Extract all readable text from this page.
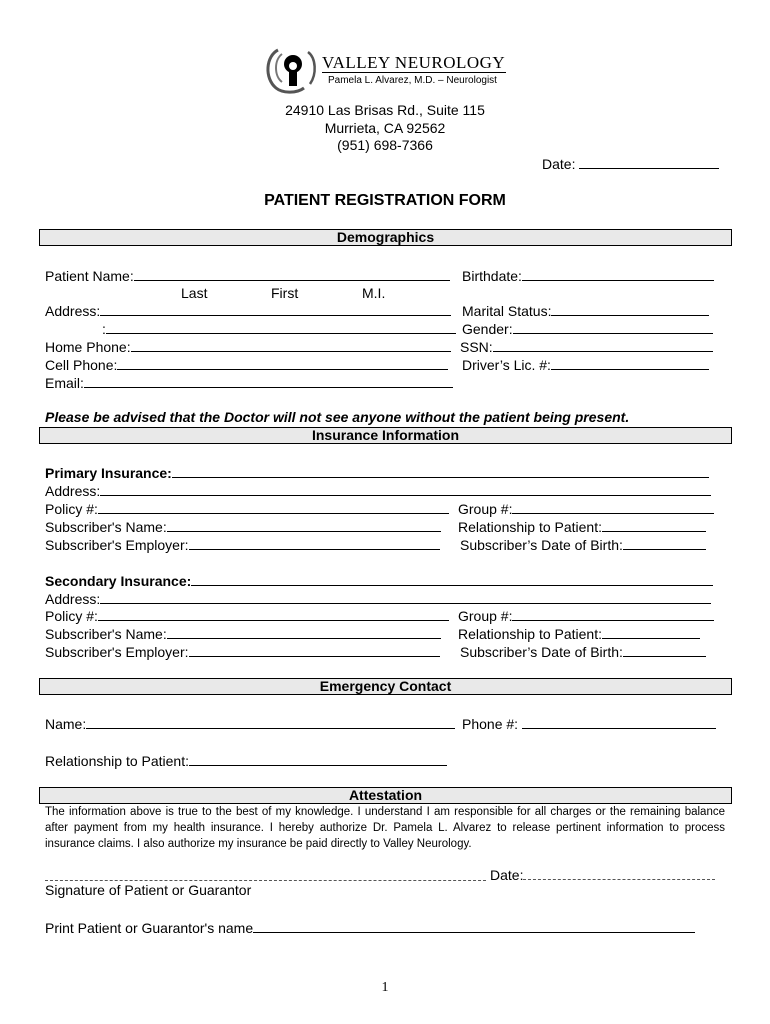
VALLEY NEUROLOGY
Pamela L. Alvarez, M.D. – Neurologist
24910 Las Brisas Rd., Suite 115
Murrieta, CA 92562
(951) 698-7366
Date:
PATIENT REGISTRATION FORM
Demographics
Patient Name:	Birthdate:
Last	First	M.I.
Address:	Marital Status:
:	Gender:
Home Phone:	SSN:
Cell Phone:	Driver’s Lic. #:
Email:
Please be advised that the Doctor will not see anyone without the patient being present.
Insurance Information
Primary Insurance:
Address:
Policy #:	Group #:
Subscriber's Name:	Relationship to Patient:
Subscriber's Employer:	Subscriber’s Date of Birth:
Secondary Insurance:
Address:
Policy #:	Group #:
Subscriber's Name:	Relationship to Patient:
Subscriber's Employer:	Subscriber’s Date of Birth:
Emergency Contact
Name:	Phone #:
Relationship to Patient:
Attestation
The information above is true to the best of my knowledge. I understand I am responsible for all charges or the remaining balance after payment from my health insurance. I hereby authorize Dr. Pamela L. Alvarez to release pertinent information to process insurance claims. I also authorize my insurance be paid directly to Valley Neurology.
Date:
Signature of Patient or Guarantor
Print Patient or Guarantor's name
1
